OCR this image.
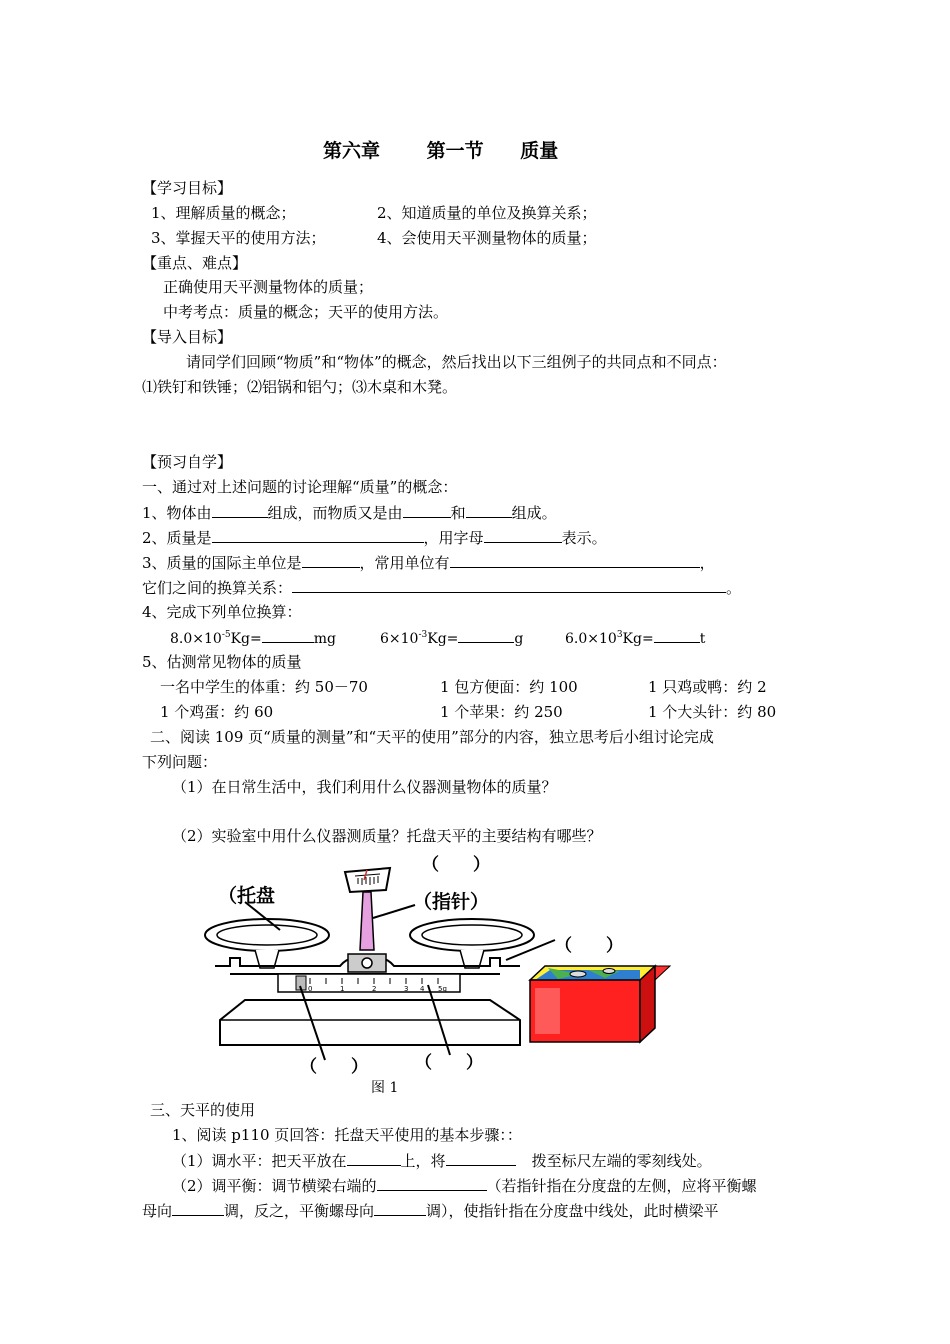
第六章 第一节 质量
【学习目标】
1、理解质量的概念；	2、知道质量的单位及换算关系；
3、掌握天平的使用方法；	4、会使用天平测量物体的质量；
【重点、难点】
正确使用天平测量物体的质量；
中考考点：质量的概念；天平的使用方法。
【导入目标】
请同学们回顾“物质”和“物体”的概念，然后找出以下三组例子的共同点和不同点：
⑴铁钉和铁锤；⑵铝锅和铝勺；⑶木桌和木凳。
【预习自学】
一、通过对上述问题的讨论理解“质量”的概念：
1、物体由	组成，而物质又是由	和	组成。
2、质量是	，用字母	表示。
3、质量的国际主单位是	，常用单位有	，
它们之间的换算关系：	。
4、完成下列单位换算：
$8.0\times 10^{-5}Kg=$	mg	$6\times 10^{-3}Kg=$	g	$6.0\times 10^3Kg=$	t
5、估测常见物体的质量
一名中学生的体重：约 50－70	1 包方便面：约 100	1 只鸡或鸭：约 2
1 个鸡蛋：约 60	1 个苹果：约 250	1 个大头针：约 80
二、阅读 109 页“质量的测量”和“天平的使用”部分的内容，独立思考后小组讨论完成
下列问题：
（1）在日常生活中，我们利用什么仪器测量物体的质量？
（2）实验室中用什么仪器测质量？托盘天平的主要结构有哪些？
0	1	2	3 4 5g
（托盘	（指针）
（　　）
（　　）
（　　）	（　　）
图 1
三、天平的使用
1、阅读 p110 页回答：托盘天平使用的基本步骤：：
（1）调水平：把天平放在	上，将	拨至标尺左端的零刻线处。
（2）调平衡：调节横梁右端的	（若指针指在分度盘的左侧，应将平衡螺
母向	调，反之，平衡螺母向	调），使指针指在分度盘中线处，此时横梁平
